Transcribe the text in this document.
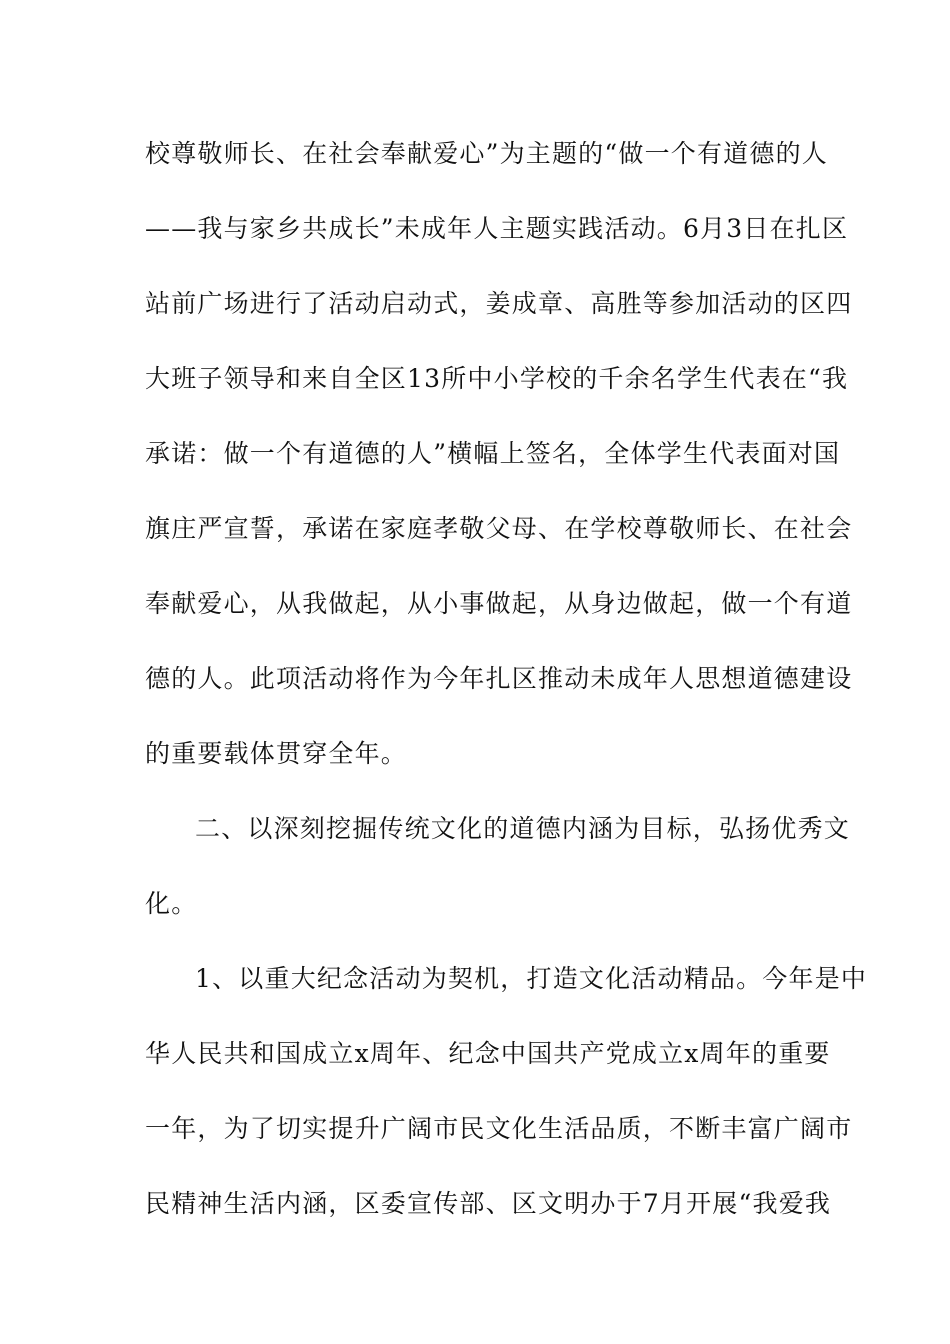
校尊敬师长、在社会奉献爱心”为主题的“做一个有道德的人
——我与家乡共成长”未成年人主题实践活动。6月3日在扎区
站前广场进行了活动启动式，姜成章、高胜等参加活动的区四
大班子领导和来自全区13所中小学校的千余名学生代表在“我
承诺：做一个有道德的人”横幅上签名，全体学生代表面对国
旗庄严宣誓，承诺在家庭孝敬父母、在学校尊敬师长、在社会
奉献爱心，从我做起，从小事做起，从身边做起，做一个有道
德的人。此项活动将作为今年扎区推动未成年人思想道德建设
的重要载体贯穿全年。
二、以深刻挖掘传统文化的道德内涵为目标，弘扬优秀文
化。
1、以重大纪念活动为契机，打造文化活动精品。今年是中
华人民共和国成立x周年、纪念中国共产党成立x周年的重要
一年，为了切实提升广阔市民文化生活品质，不断丰富广阔市
民精神生活内涵，区委宣传部、区文明办于7月开展“我爱我
